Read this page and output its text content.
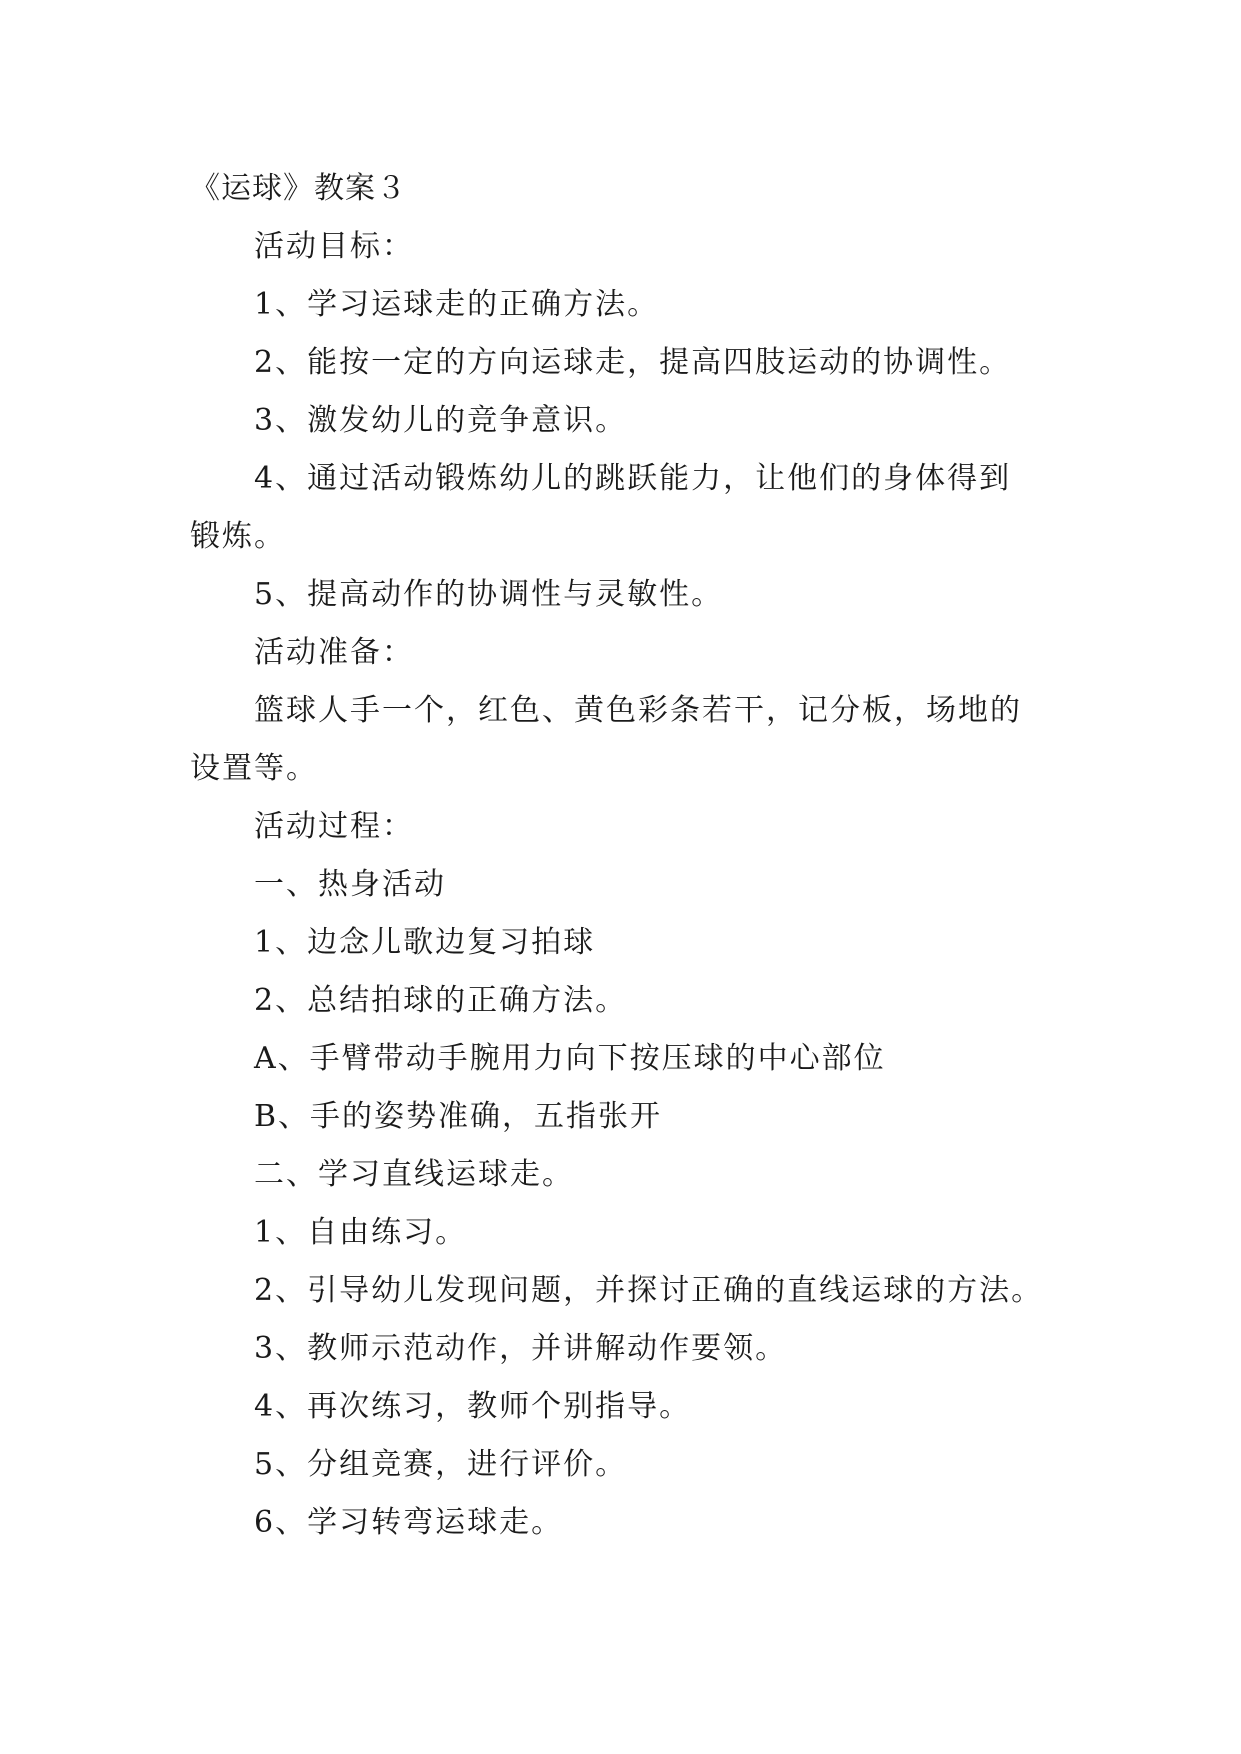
《运球》教案３
活动目标：
1、学习运球走的正确方法。
2、能按一定的方向运球走，提高四肢运动的协调性。
3、激发幼儿的竞争意识。
4、通过活动锻炼幼儿的跳跃能力，让他们的身体得到
锻炼。
5、提高动作的协调性与灵敏性。
活动准备：
篮球人手一个，红色、黄色彩条若干，记分板，场地的
设置等。
活动过程：
一、热身活动
1、边念儿歌边复习拍球
2、总结拍球的正确方法。
A、手臂带动手腕用力向下按压球的中心部位
B、手的姿势准确，五指张开
二、学习直线运球走。
1、自由练习。
2、引导幼儿发现问题，并探讨正确的直线运球的方法。
3、教师示范动作，并讲解动作要领。
4、再次练习，教师个别指导。
5、分组竞赛，进行评价。
6、学习转弯运球走。
